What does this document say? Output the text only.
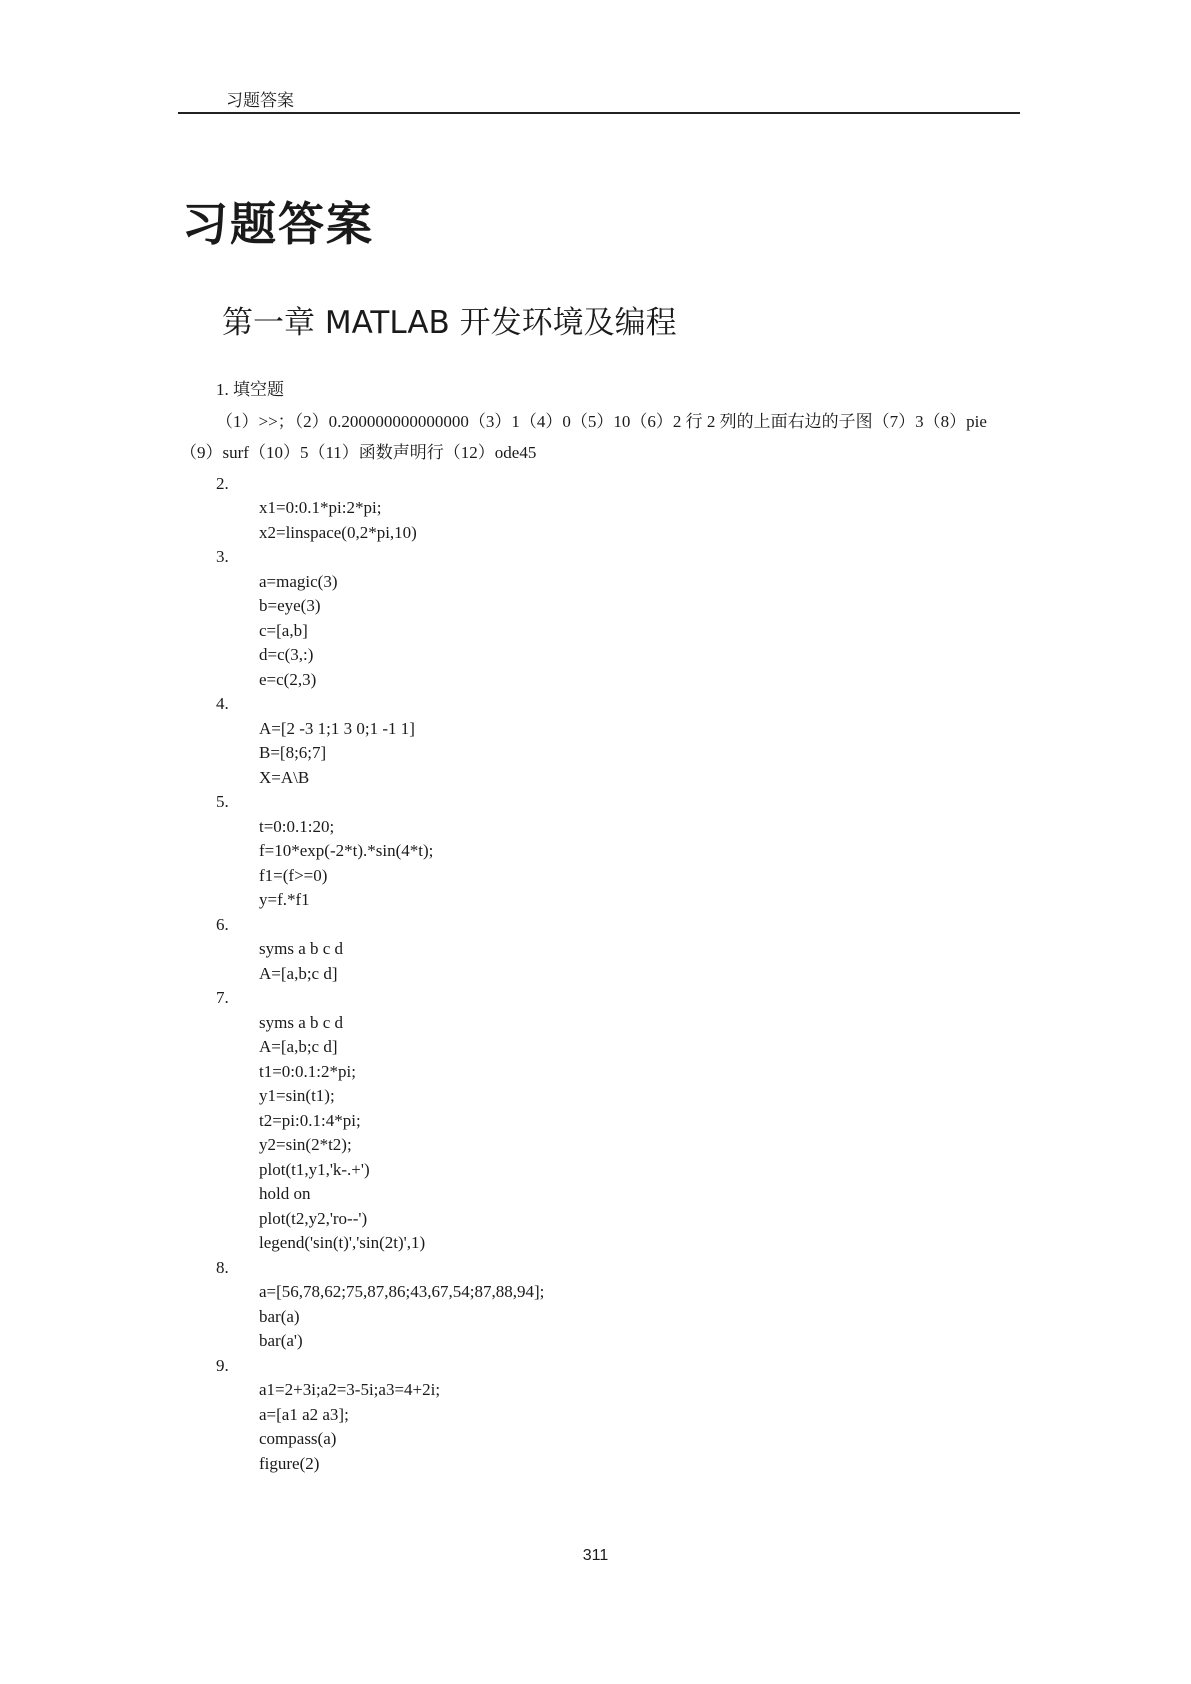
习题答案
习题答案
第一章 MATLAB 开发环境及编程
1. 填空题

（1）>>；（2）0.200000000000000（3）1（4）0（5）10（6）2 行 2 列的上面右边的子图（7）3（8）pie（9）surf（10）5（11）函数声明行（12）ode45

2.
x1=0:0.1*pi:2*pi;
x2=linspace(0,2*pi,10)
3.
a=magic(3)
b=eye(3)
c=[a,b]
d=c(3,:)
e=c(2,3)
4.
A=[2 -3 1;1 3 0;1 -1 1]
B=[8;6;7]
X=A\B
5.
t=0:0.1:20;
f=10*exp(-2*t).*sin(4*t);
f1=(f>=0)
y=f.*f1
6.
syms a b c d
A=[a,b;c d]
7.
syms a b c d
A=[a,b;c d]
t1=0:0.1:2*pi;
y1=sin(t1);
t2=pi:0.1:4*pi;
y2=sin(2*t2);
plot(t1,y1,'k-.+')
hold on
plot(t2,y2,'ro--')
legend('sin(t)','sin(2t)',1)
8.
a=[56,78,62;75,87,86;43,67,54;87,88,94];
bar(a)
bar(a')
9.
a1=2+3i;a2=3-5i;a3=4+2i;
a=[a1 a2 a3];
compass(a)
figure(2)
311
